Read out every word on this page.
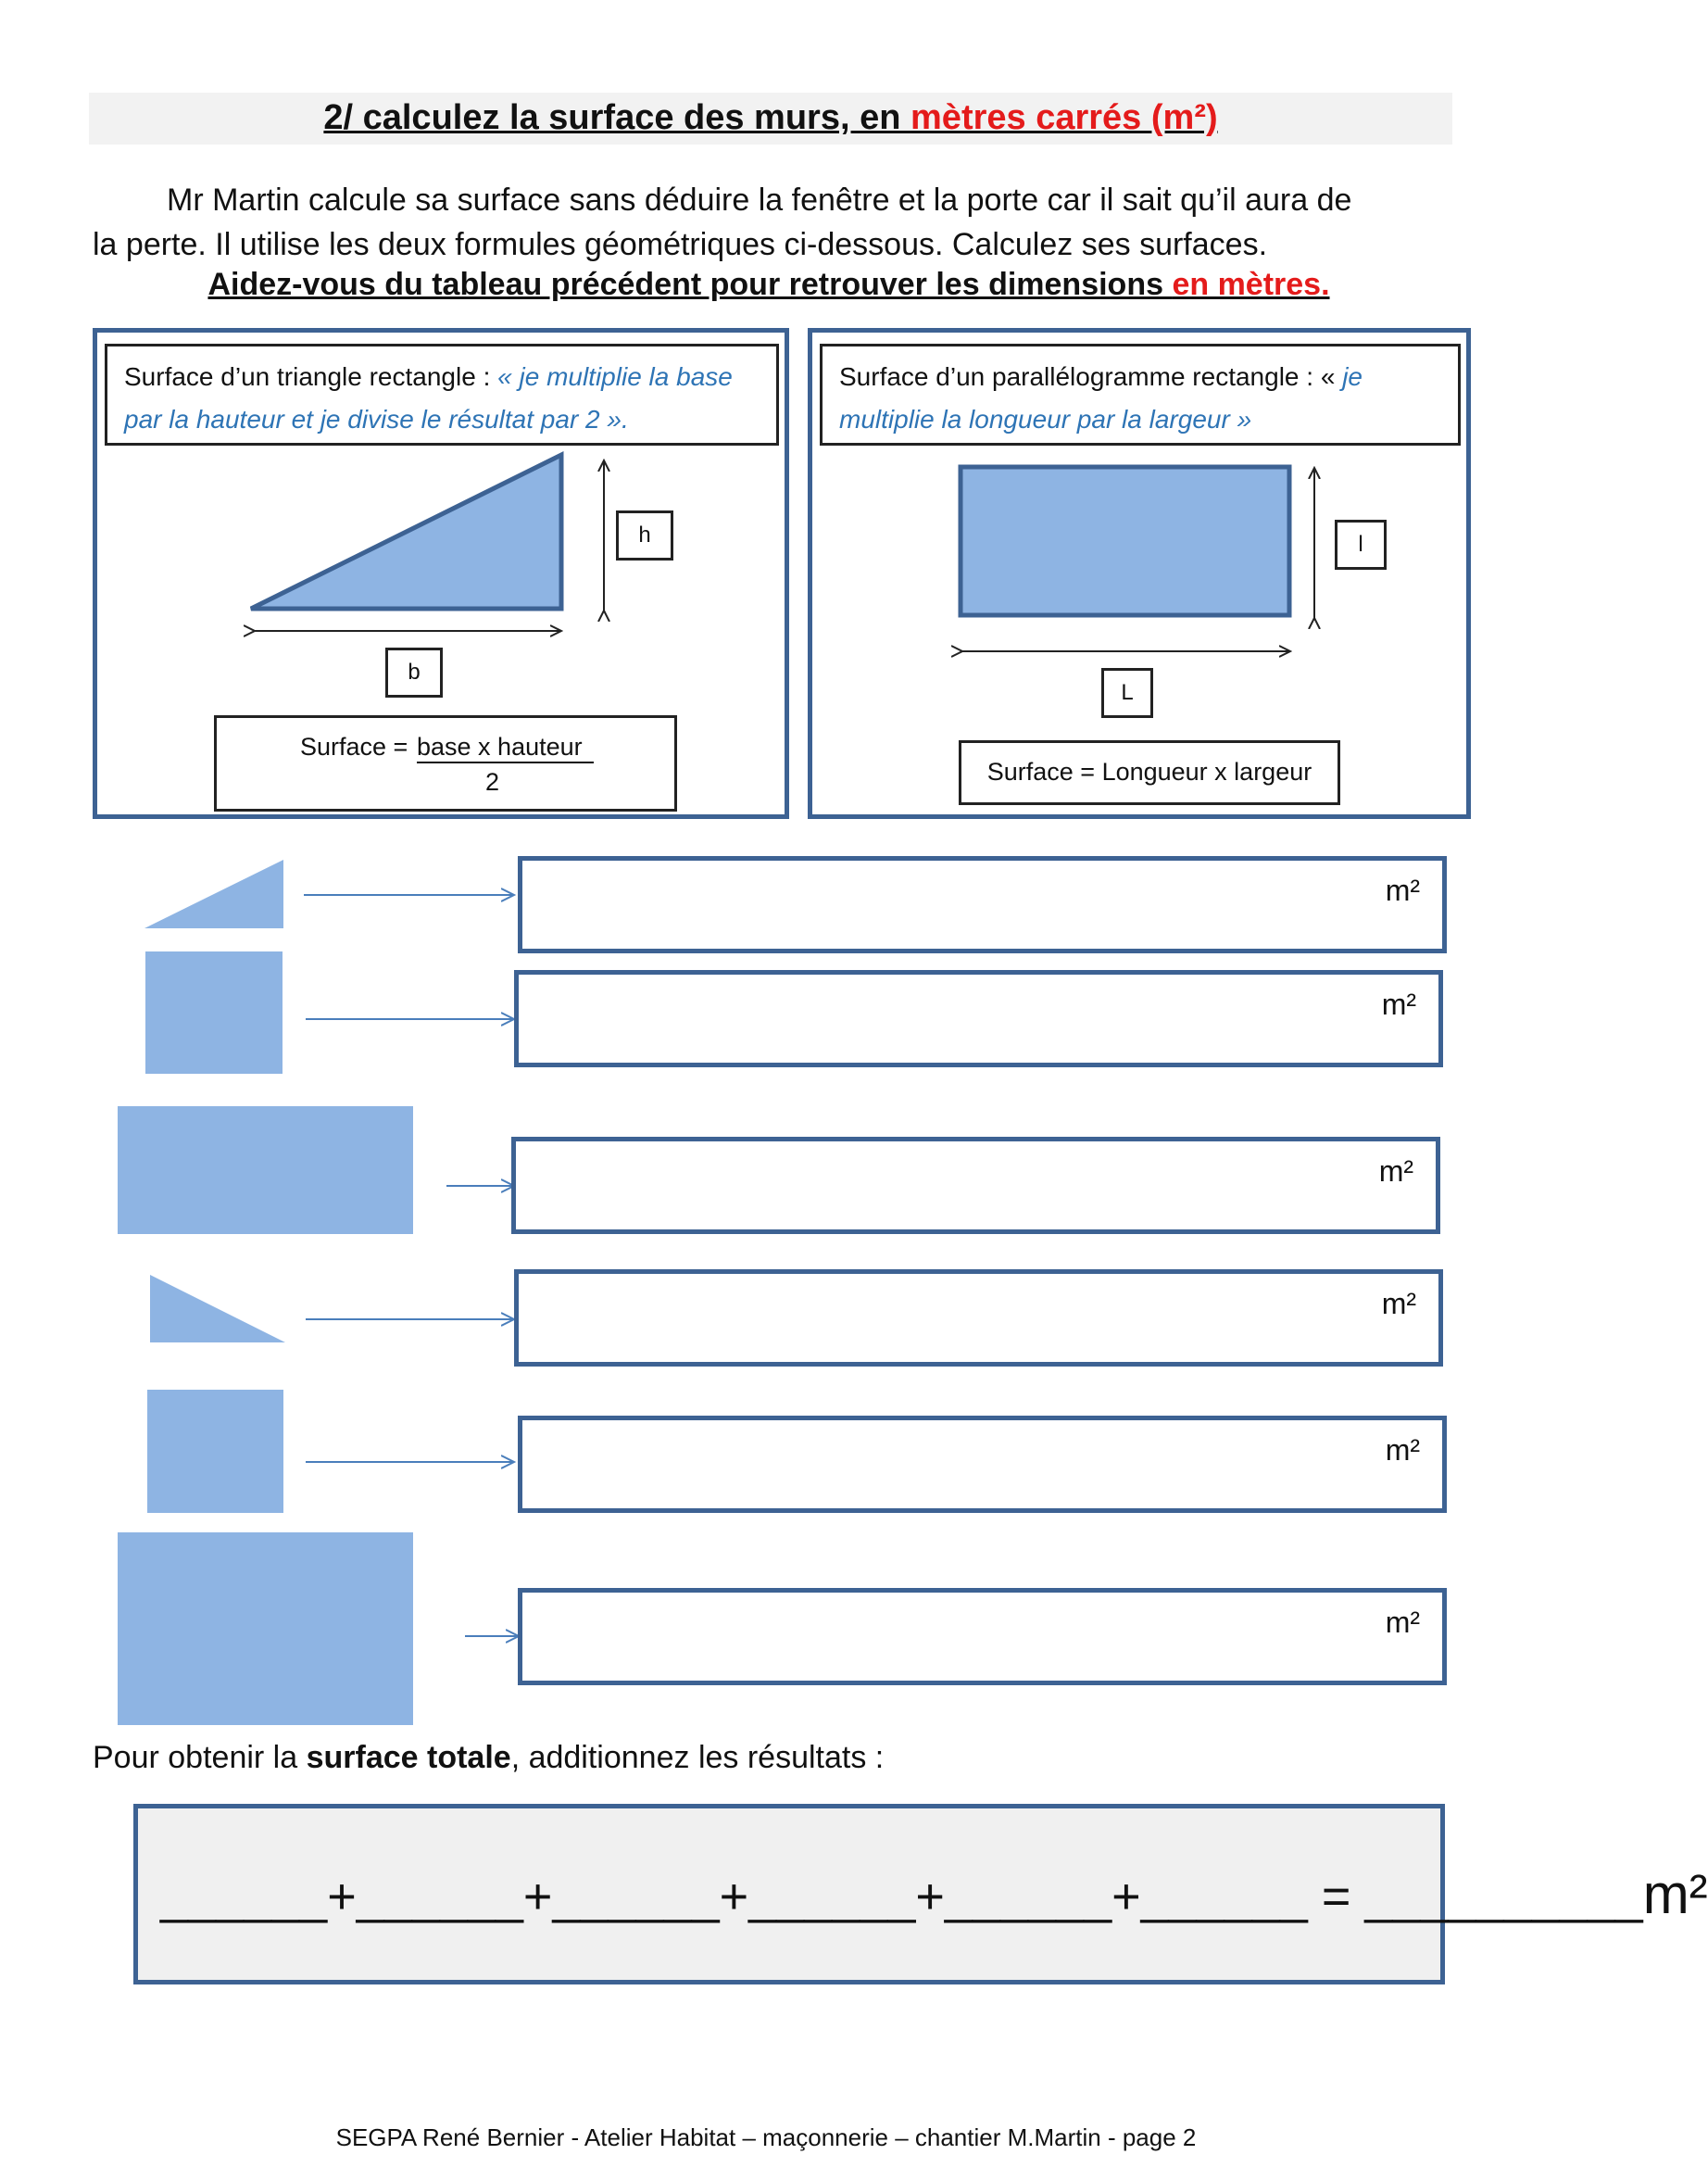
2/ calculez la surface des murs, en mètres carrés (m²)
Mr Martin calcule sa surface sans déduire la fenêtre et la porte car il sait qu’il aura de
la perte. Il utilise les deux formules géométriques ci-dessous. Calculez ses surfaces.
Aidez-vous du tableau précédent pour retrouver les dimensions en mètres.
Surface d’un triangle rectangle : « je multiplie la base par la hauteur et je divise le résultat par 2 ».
h
b
Surface = base x hauteur
2
Surface d’un parallélogramme rectangle : « je multiplie la longueur par la largeur »
l
L
Surface = Longueur x largeur
m²
m²
m²
m²
m²
m²
Pour obtenir la surface totale, additionnez les résultats :
______+______+______+______+______+______ = __________m²
SEGPA René Bernier - Atelier Habitat – maçonnerie – chantier M.Martin - page 2
